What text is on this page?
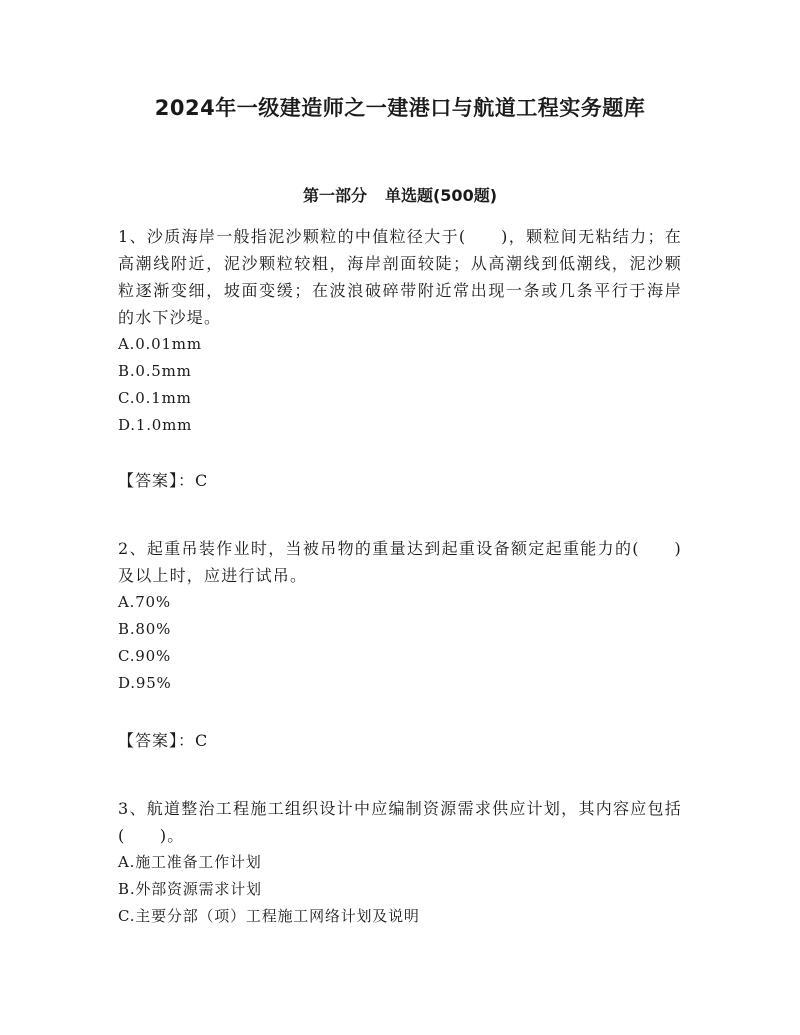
2024年一级建造师之一建港口与航道工程实务题库
第一部分 单选题(500题)

1、沙质海岸一般指泥沙颗粒的中值粒径大于(　　)，颗粒间无粘结力；在高潮线附近，泥沙颗粒较粗，海岸剖面较陡；从高潮线到低潮线，泥沙颗粒逐渐变细，坡面变缓；在波浪破碎带附近常出现一条或几条平行于海岸的水下沙堤。

A.0.01mm

B.0.5mm

C.0.1mm

D.1.0mm

【答案】：C

2、起重吊装作业时，当被吊物的重量达到起重设备额定起重能力的(　　)及以上时，应进行试吊。

A.70%

B.80%

C.90%

D.95%

【答案】：C

3、航道整治工程施工组织设计中应编制资源需求供应计划，其内容应包括(　　)。

A.施工准备工作计划

B.外部资源需求计划

C.主要分部（项）工程施工网络计划及说明
